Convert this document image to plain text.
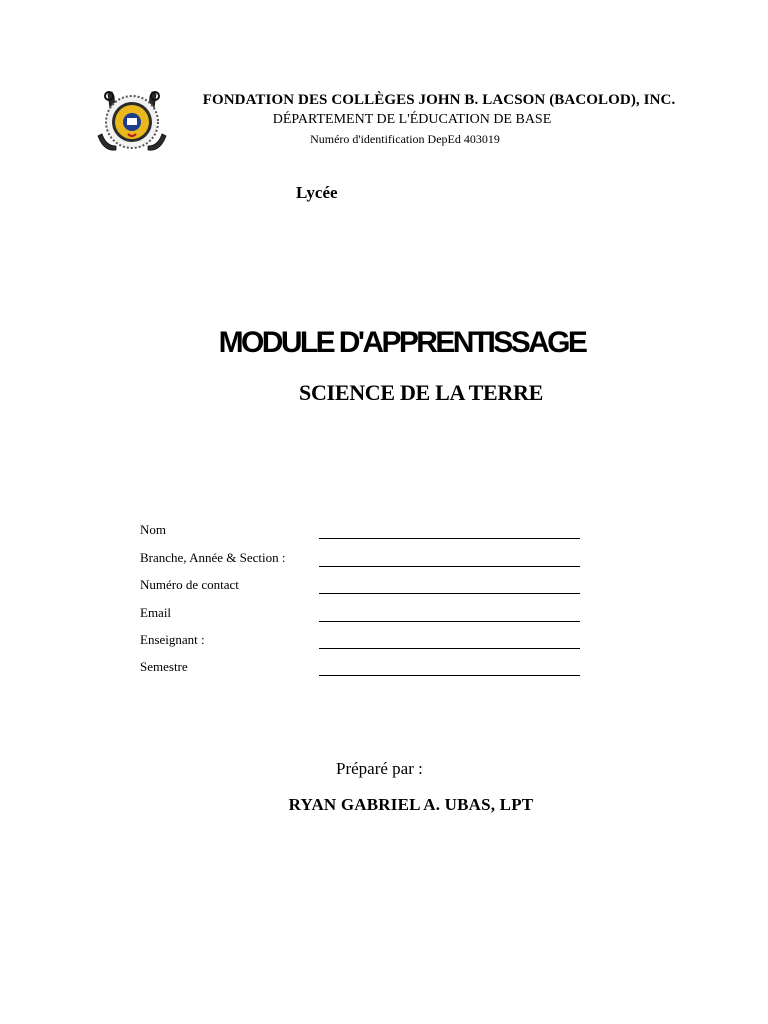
FONDATION DES COLLÈGES JOHN B. LACSON (BACOLOD), INC.
DÉPARTEMENT DE L'ÉDUCATION DE BASE
Numéro d'identification DepEd 403019
Lycée
MODULE D'APPRENTISSAGE
SCIENCE DE LA TERRE
Nom
Branche, Année & Section :
Numéro de contact
Email
Enseignant :
Semestre
Préparé par :
RYAN GABRIEL A. UBAS, LPT
